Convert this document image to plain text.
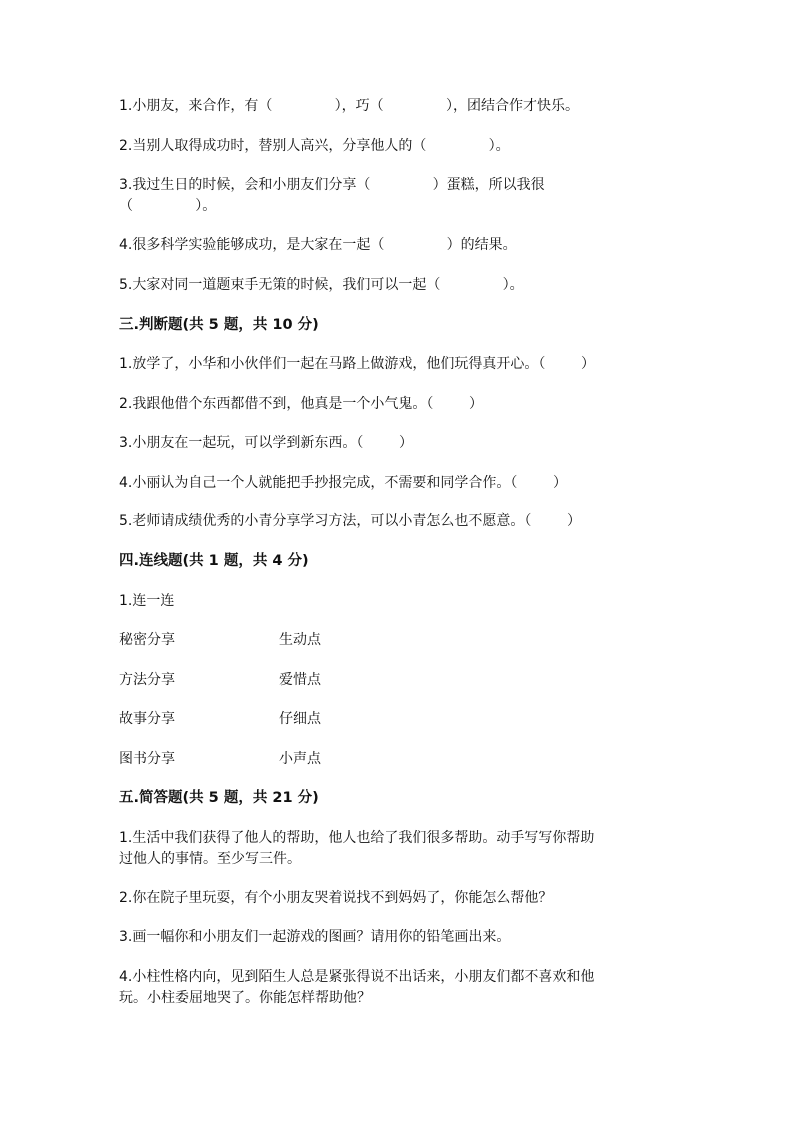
1.小朋友，来合作，有（              ），巧（              ），团结合作才快乐。
2.当别人取得成功时，替别人高兴，分享他人的（              ）。
3.我过生日的时候，会和小朋友们分享（              ）蛋糕，所以我很
（              ）。
4.很多科学实验能够成功，是大家在一起（              ）的结果。
5.大家对同一道题束手无策的时候，我们可以一起（              ）。
三.判断题(共 5 题，共 10 分)
1.放学了，小华和小伙伴们一起在马路上做游戏，他们玩得真开心。（        ）
2.我跟他借个东西都借不到，他真是一个小气鬼。（        ）
3.小朋友在一起玩，可以学到新东西。（        ）
4.小丽认为自己一个人就能把手抄报完成，不需要和同学合作。（        ）
5.老师请成绩优秀的小青分享学习方法，可以小青怎么也不愿意。（        ）
四.连线题(共 1 题，共 4 分)
1.连一连
秘密分享	生动点
方法分享	爱惜点
故事分享	仔细点
图书分享	小声点
五.简答题(共 5 题，共 21 分)
1.生活中我们获得了他人的帮助，他人也给了我们很多帮助。动手写写你帮助
过他人的事情。至少写三件。
2.你在院子里玩耍，有个小朋友哭着说找不到妈妈了，你能怎么帮他？
3.画一幅你和小朋友们一起游戏的图画？请用你的铅笔画出来。
4.小柱性格内向，见到陌生人总是紧张得说不出话来，小朋友们都不喜欢和他
玩。小柱委屈地哭了。你能怎样帮助他？
